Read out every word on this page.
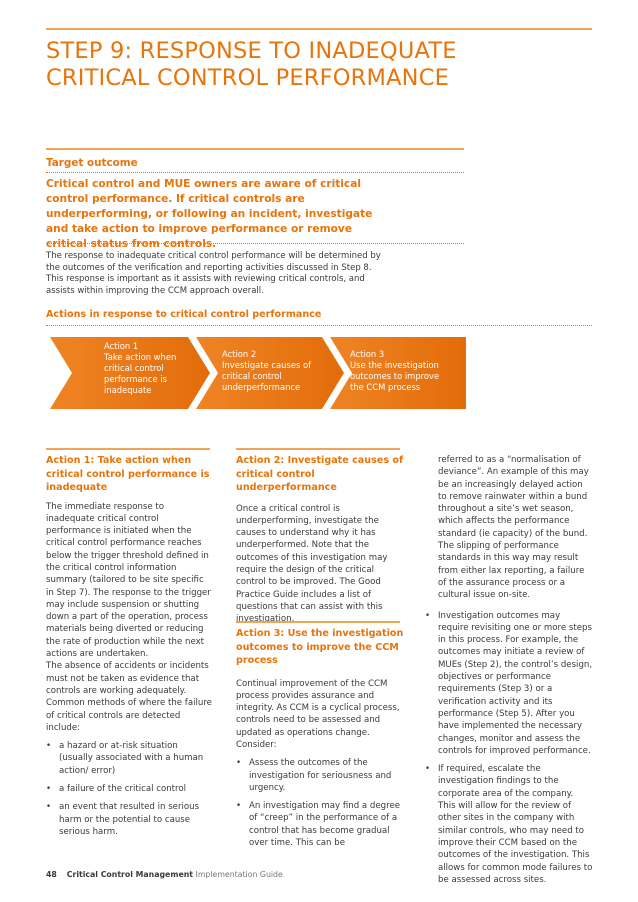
STEP 9: RESPONSE TO INADEQUATE
CRITICAL CONTROL PERFORMANCE

Target outcome

Critical control and MUE owners are aware of critical control performance. If critical controls are underperforming, or following an incident, investigate and take action to improve performance or remove critical status from controls.

The response to inadequate critical control performance will be determined by the outcomes of the verification and reporting activities discussed in Step 8. This response is important as it assists with reviewing critical controls, and assists within improving the CCM approach overall.

Actions in response to critical control performance

Action 1
Take action when critical control performance is inadequate
Action 2
Investigate causes of critical control underperformance
Action 3
Use the investigation outcomes to improve the CCM process

Action 1: Take action when critical control performance is inadequate

The immediate response to inadequate critical control performance is initiated when the critical control performance reaches below the trigger threshold defined in the critical control information summary (tailored to be site specific in Step 7). The response to the trigger may include suspension or shutting down a part of the operation, process materials being diverted or reducing the rate of production while the next actions are undertaken.

The absence of accidents or incidents must not be taken as evidence that controls are working adequately. Common methods of where the failure of critical controls are detected include:

• a hazard or at-risk situation (usually associated with a human action/ error)
• a failure of the critical control
• an event that resulted in serious harm or the potential to cause serious harm.

Action 2: Investigate causes of critical control underperformance

Once a critical control is underperforming, investigate the causes to understand why it has underperformed. Note that the outcomes of this investigation may require the design of the critical control to be improved. The Good Practice Guide includes a list of questions that can assist with this investigation.

Action 3: Use the investigation outcomes to improve the CCM process

Continual improvement of the CCM process provides assurance and integrity. As CCM is a cyclical process, controls need to be assessed and updated as operations change. Consider:

• Assess the outcomes of the investigation for seriousness and urgency.
• An investigation may find a degree of “creep” in the performance of a control that has become gradual over time. This can be

referred to as a “normalisation of deviance”. An example of this may be an increasingly delayed action to remove rainwater within a bund throughout a site’s wet season, which affects the performance standard (ie capacity) of the bund. The slipping of performance standards in this way may result from either lax reporting, a failure of the assurance process or a cultural issue on-site.

• Investigation outcomes may require revisiting one or more steps in this process. For example, the outcomes may initiate a review of MUEs (Step 2), the control’s design, objectives or performance requirements (Step 3) or a verification activity and its performance (Step 5). After you have implemented the necessary changes, monitor and assess the controls for improved performance.
• If required, escalate the investigation findings to the corporate area of the company. This will allow for the review of other sites in the company with similar controls, who may need to improve their CCM based on the outcomes of the investigation. This allows for common mode failures to be assessed across sites.
48 Critical Control Management Implementation Guide
